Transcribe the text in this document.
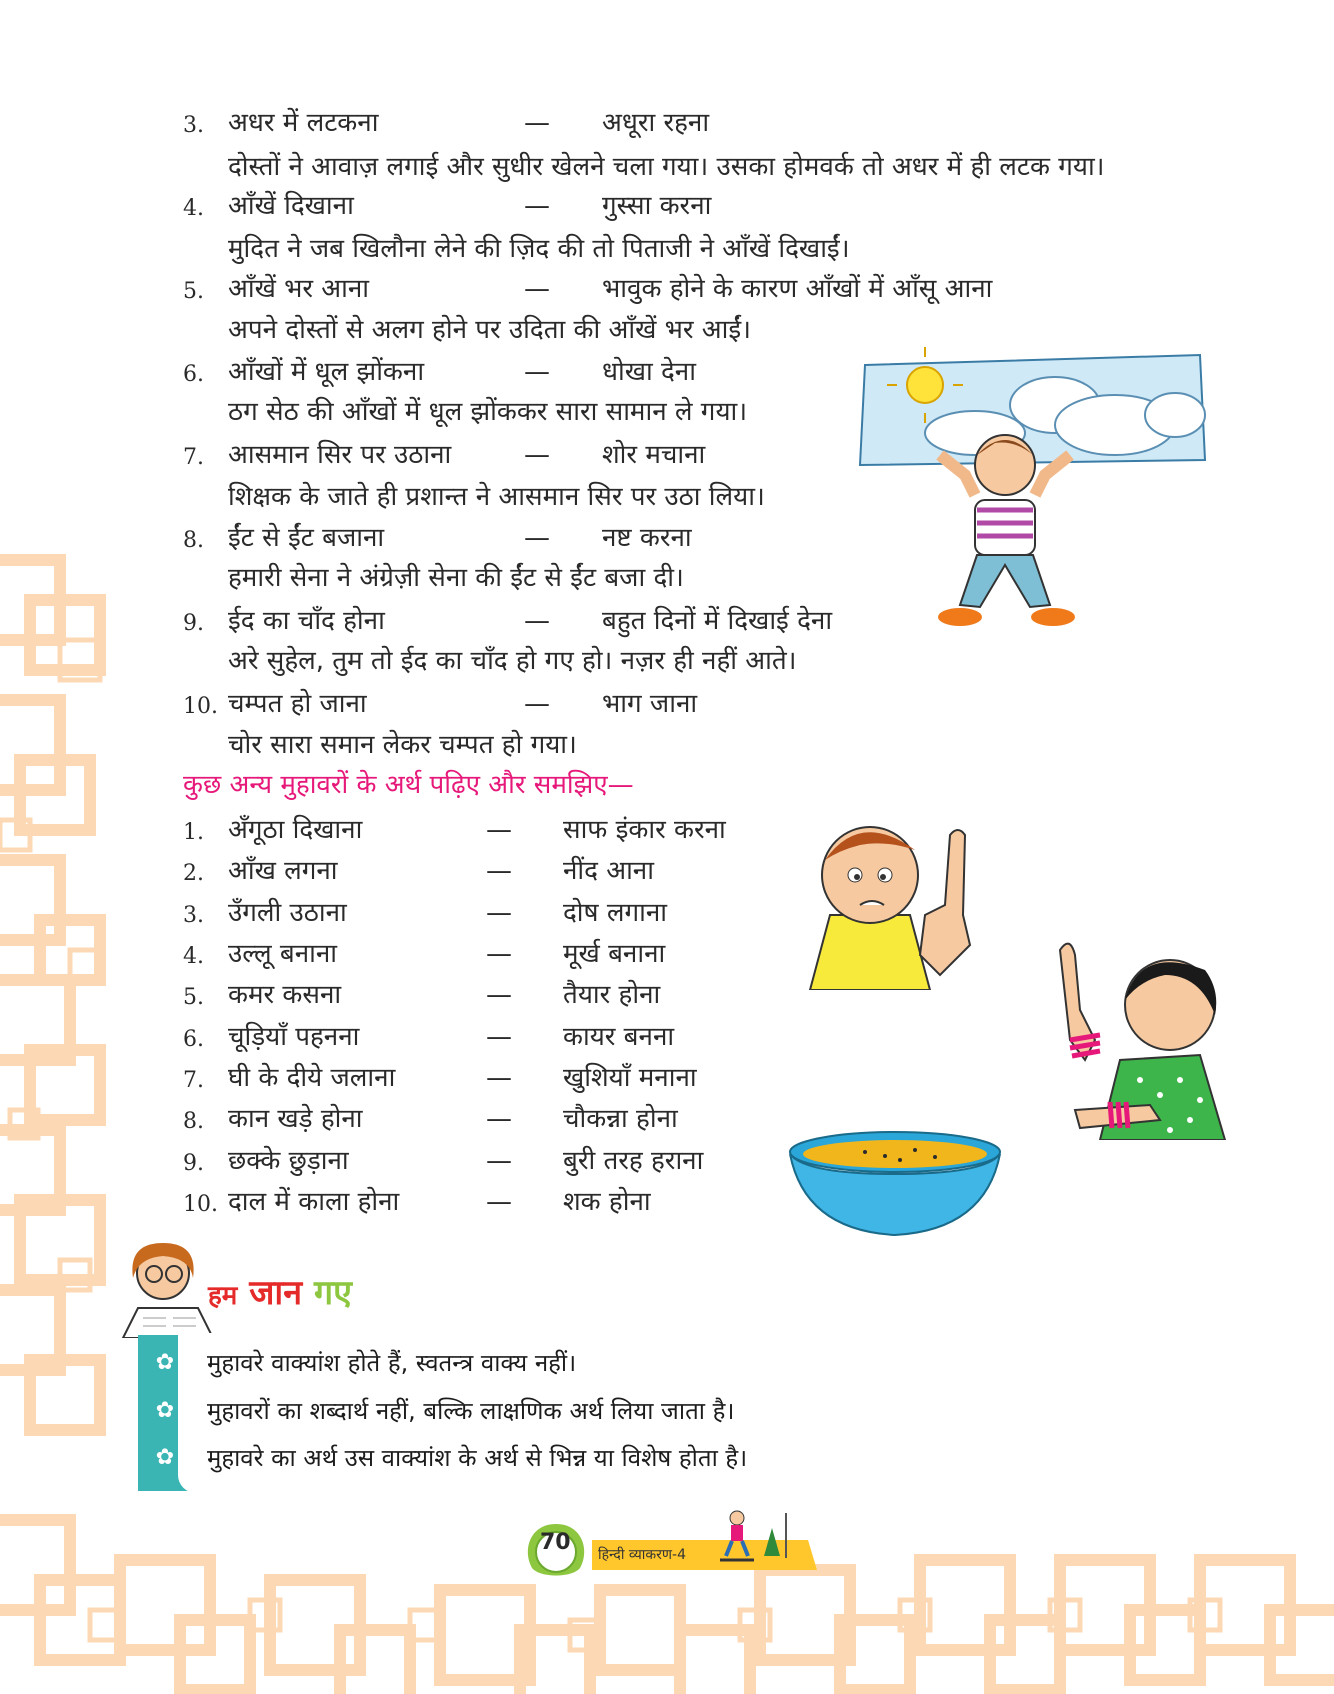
3. अधर में लटकना	— अधूरा रहना
दोस्तों ने आवाज़ लगाई और सुधीर खेलने चला गया। उसका होमवर्क तो अधर में ही लटक गया।
4. आँखें दिखाना	— गुस्सा करना
मुदित ने जब खिलौना लेने की ज़िद की तो पिताजी ने आँखें दिखाईं।
5. आँखें भर आना	— भावुक होने के कारण आँखों में आँसू आना
अपने दोस्तों से अलग होने पर उदिता की आँखें भर आईं।
6. आँखों में धूल झोंकना	— धोखा देना
ठग सेठ की आँखों में धूल झोंककर सारा सामान ले गया।
7. आसमान सिर पर उठाना	— शोर मचाना
शिक्षक के जाते ही प्रशान्त ने आसमान सिर पर उठा लिया।
8. ईंट से ईंट बजाना	— नष्ट करना
हमारी सेना ने अंग्रेज़ी सेना की ईंट से ईंट बजा दी।
9. ईद का चाँद होना	— बहुत दिनों में दिखाई देना
अरे सुहेल, तुम तो ईद का चाँद हो गए हो। नज़र ही नहीं आते।
10. चम्पत हो जाना	— भाग जाना
चोर सारा समान लेकर चम्पत हो गया।
कुछ अन्य मुहावरों के अर्थ पढ़िए और समझिए—
1. अँगूठा दिखाना	— साफ इंकार करना
2. आँख लगना	— नींद आना
3. उँगली उठाना	— दोष लगाना
4. उल्लू बनाना	— मूर्ख बनाना
5. कमर कसना	— तैयार होना
6. चूड़ियाँ पहनना	— कायर बनना
7. घी के दीये जलाना	— खुशियाँ मनाना
8. कान खड़े होना	— चौकन्ना होना
9. छक्के छुड़ाना	— बुरी तरह हराना
10. दाल में काला होना	— शक होना
हम जान गए
✿
✿
✿
मुहावरे वाक्यांश होते हैं, स्वतन्त्र वाक्य नहीं।
मुहावरों का शब्दार्थ नहीं, बल्कि लाक्षणिक अर्थ लिया जाता है।
मुहावरे का अर्थ उस वाक्यांश के अर्थ से भिन्न या विशेष होता है।
70 हिन्दी व्याकरण-4
